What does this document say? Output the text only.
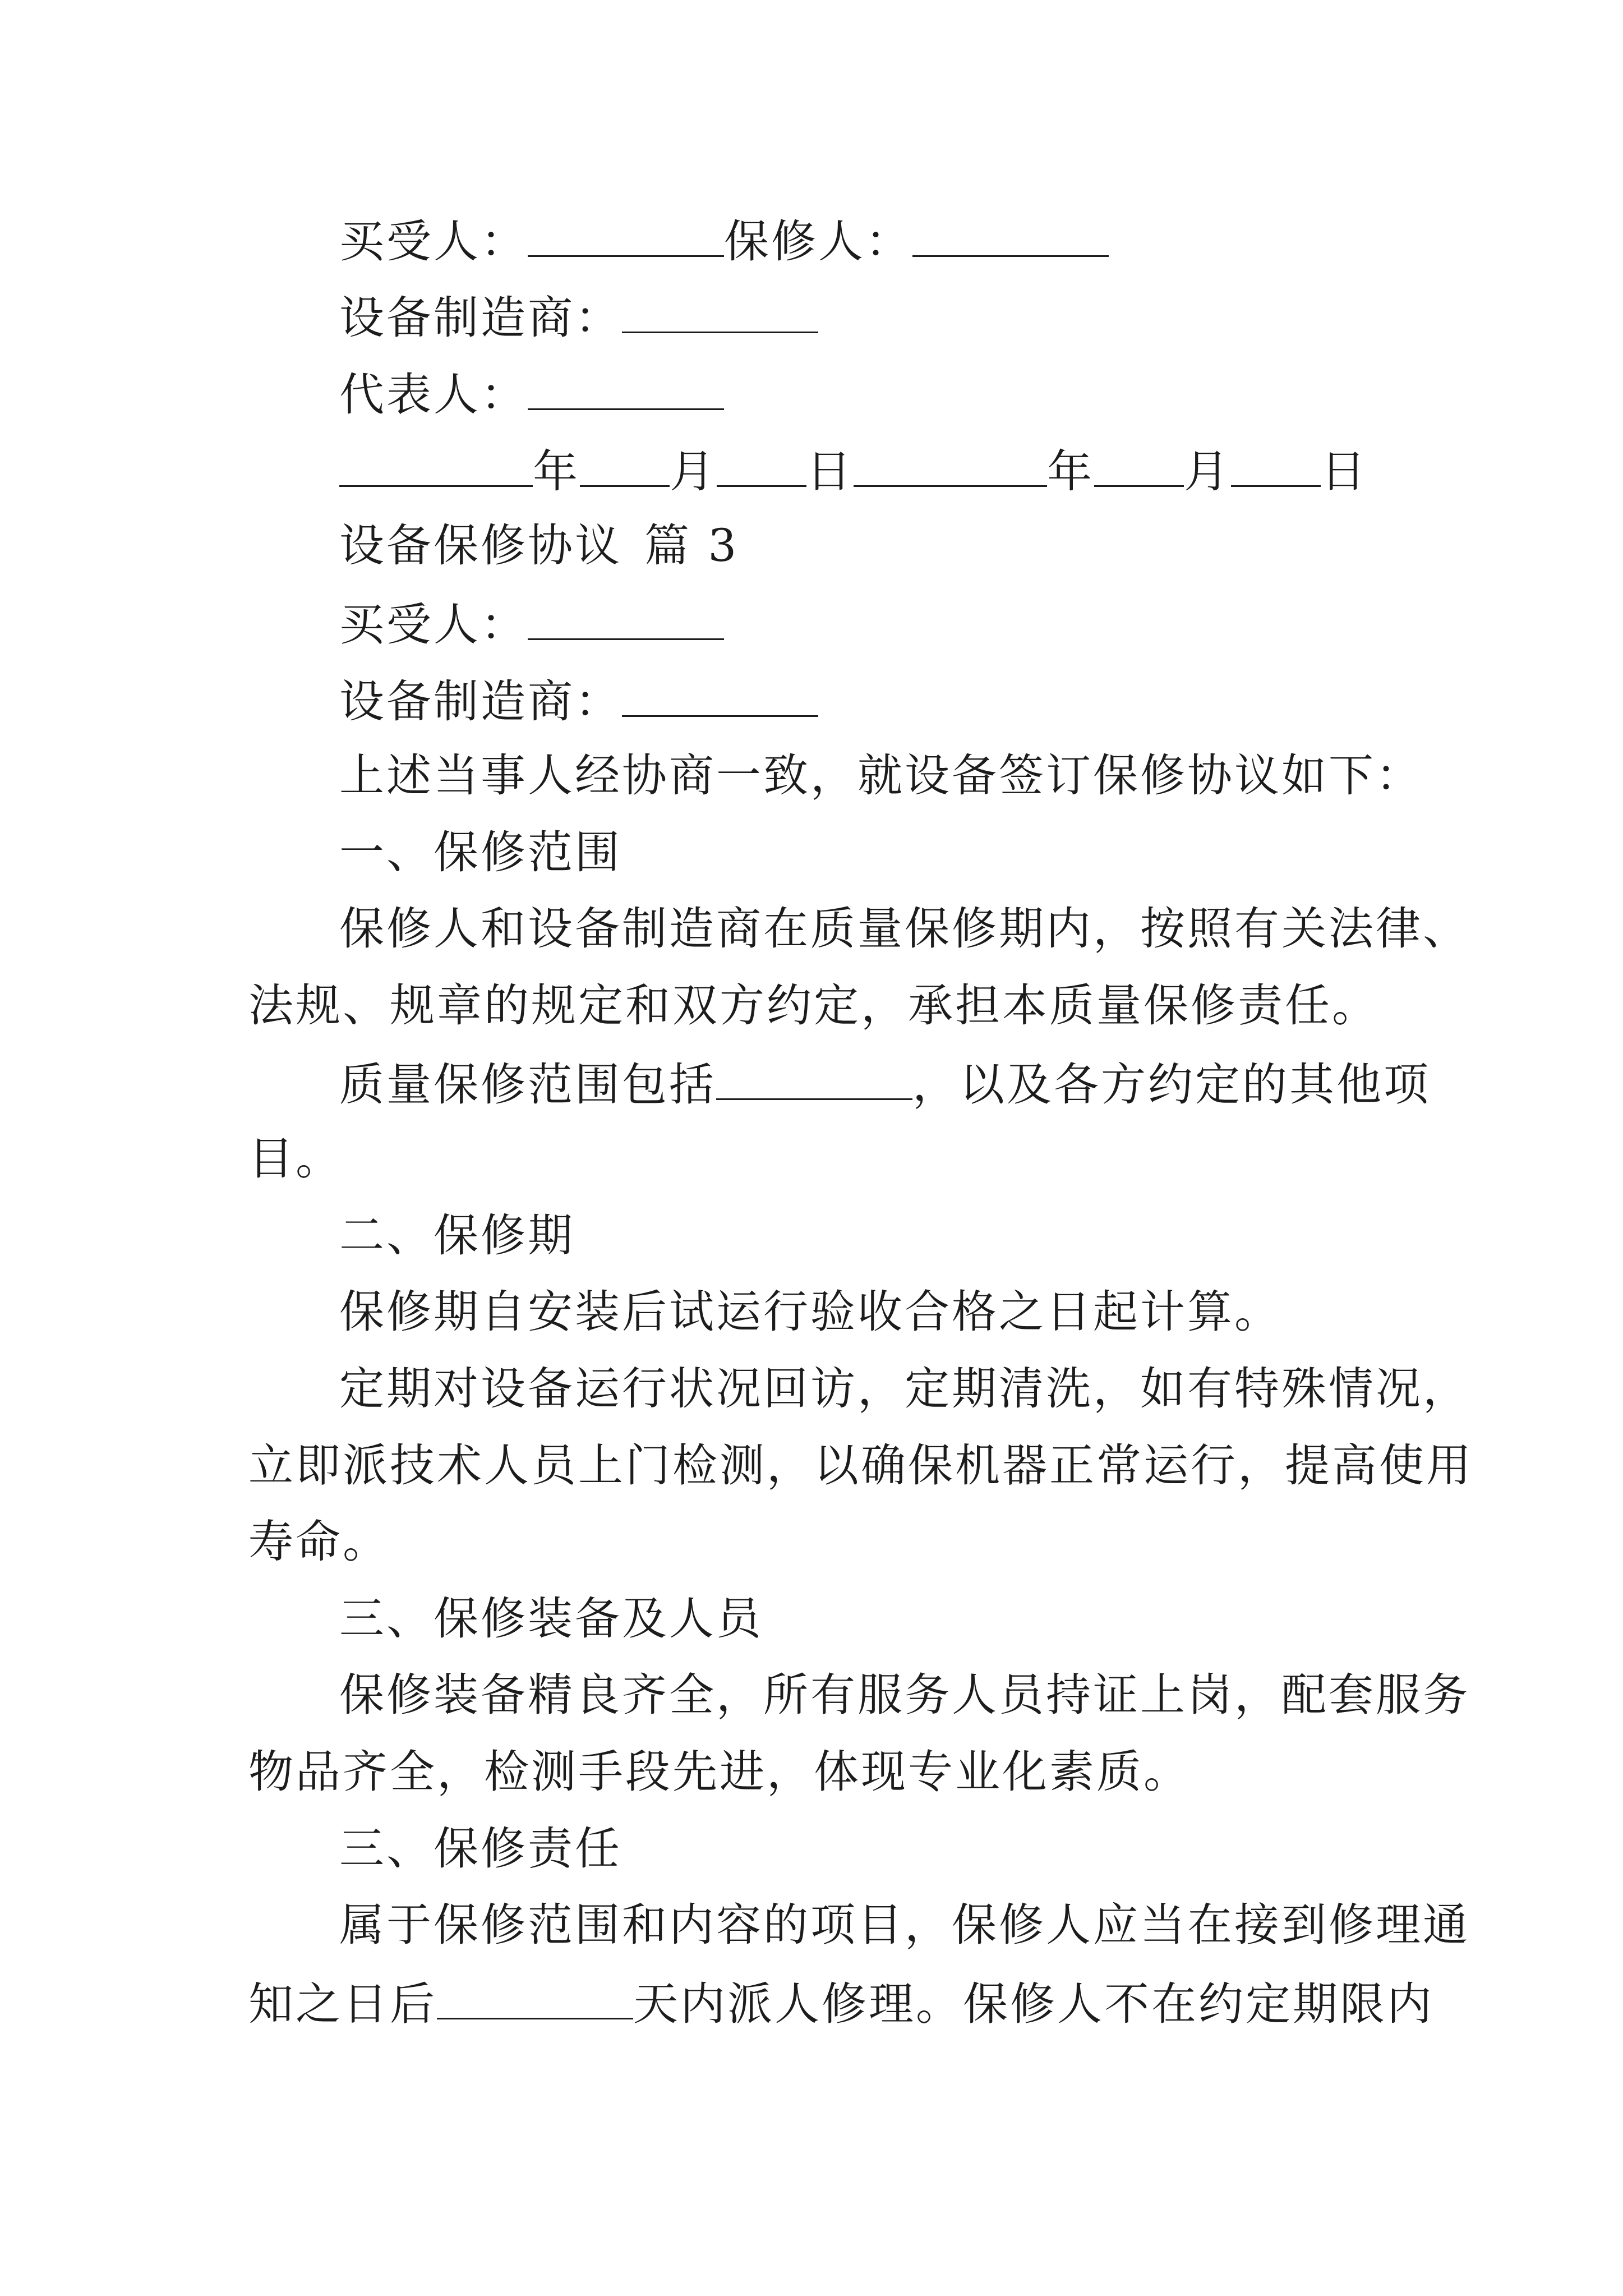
买受人：	保修人：
设备制造商：
代表人：
年 月 日	年 月 日
设备保修协议 篇 3
买受人：
设备制造商：
上述当事人经协商一致，就设备签订保修协议如下：
一、保修范围
保修人和设备制造商在质量保修期内，按照有关法律、
法规、规章的规定和双方约定，承担本质量保修责任。
质量保修范围包括	，以及各方约定的其他项
目。
二、保修期
保修期自安装后试运行验收合格之日起计算。
定期对设备运行状况回访，定期清洗，如有特殊情况，
立即派技术人员上门检测，以确保机器正常运行，提高使用
寿命。
三、保修装备及人员
保修装备精良齐全，所有服务人员持证上岗，配套服务
物品齐全，检测手段先进，体现专业化素质。
三、保修责任
属于保修范围和内容的项目，保修人应当在接到修理通
知之日后	天内派人修理。保修人不在约定期限内
